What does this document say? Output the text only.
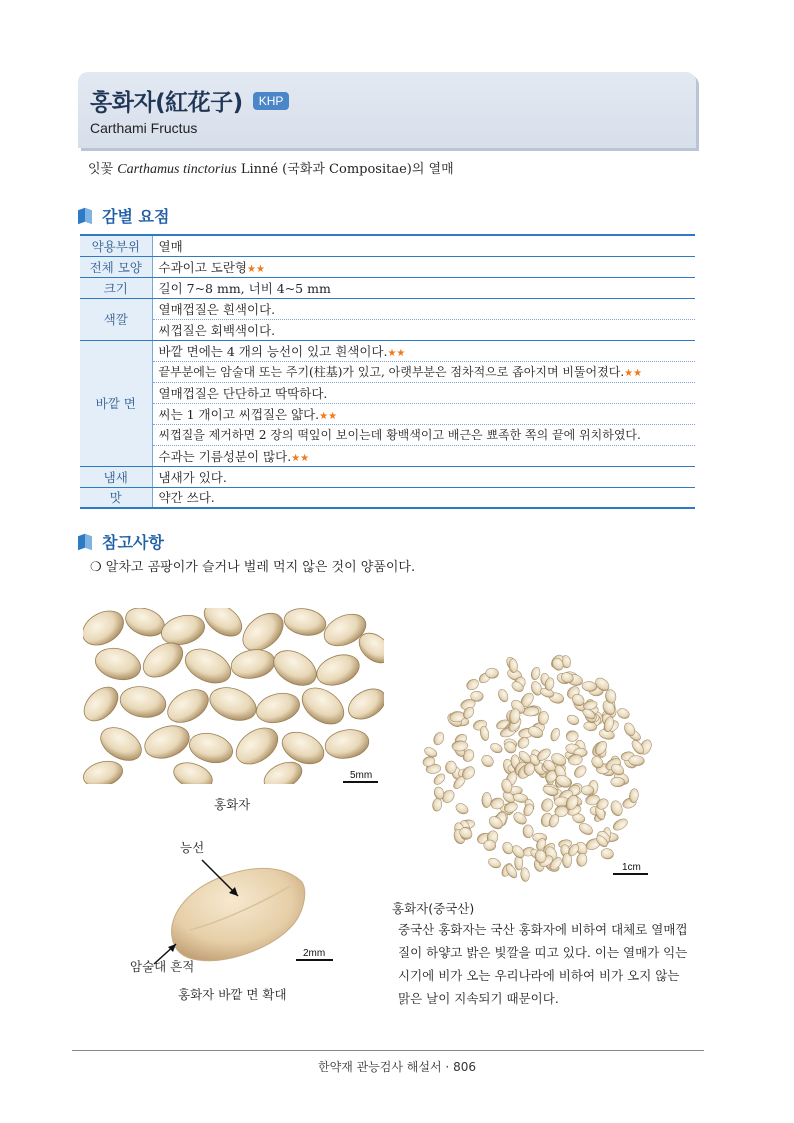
홍화자(紅花子)	KHP
Carthami Fructus
잇꽃 Carthamus tinctorius Linné (국화과 Compositae)의 열매
감별 요점
약용부위	열매
전체 모양	수과이고 도란형★★
크기	길이 7~8 mm, 너비 4~5 mm
색깔	열매껍질은 흰색이다.
	씨껍질은 회백색이다.
바깥 면	바깥 면에는 4 개의 능선이 있고 흰색이다.★★
	끝부분에는 암술대 또는 주기(柱基)가 있고, 아랫부분은 점차적으로 좁아지며 비뚤어졌다.★★
	열매껍질은 단단하고 딱딱하다.
	씨는 1 개이고 씨껍질은 얇다.★★
	씨껍질을 제거하면 2 장의 떡잎이 보이는데 황백색이고 배근은 뾰족한 쪽의 끝에 위치하였다.
	수과는 기름성분이 많다.★★
냄새	냄새가 있다.
맛	약간 쓰다.
참고사항
❍ 알차고 곰팡이가 슬거나 벌레 먹지 않은 것이 양품이다.
5mm
홍화자
1cm
홍화자(중국산)
중국산 홍화자는 국산 홍화자에 비하여 대체로 열매껍질이 하얗고 밝은 빛깔을 띠고 있다. 이는 열매가 익는 시기에 비가 오는 우리나라에 비하여 비가 오지 않는 맑은 날이 지속되기 때문이다.
능선
2mm
암술대 흔적
홍화자 바깥 면 확대
한약재 관능검사 해설서 · 806
